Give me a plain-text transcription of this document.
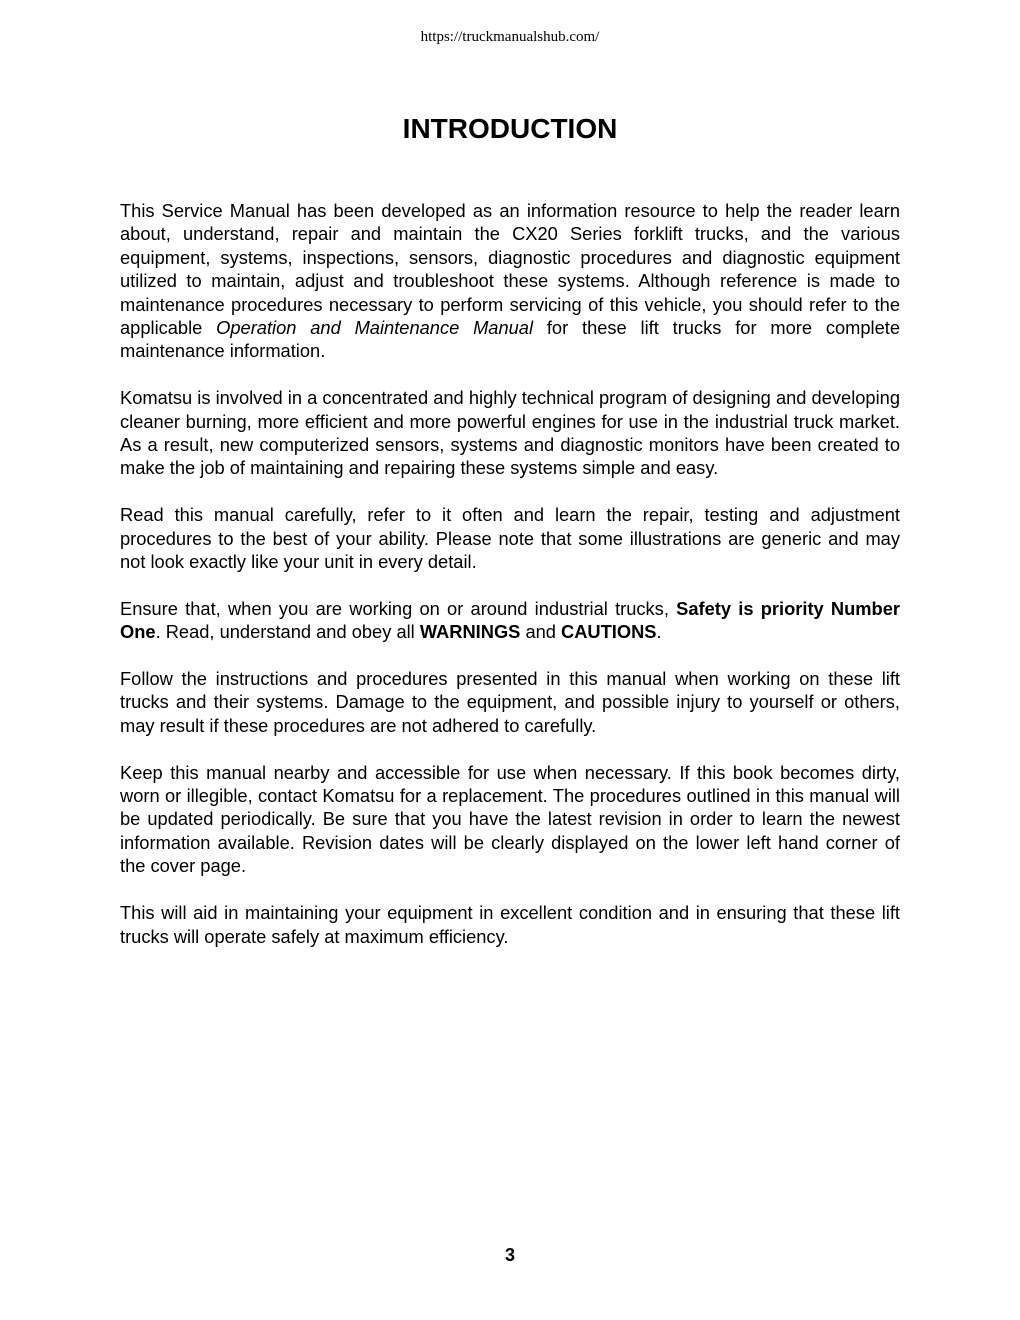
https://truckmanualshub.com/
INTRODUCTION

This Service Manual has been developed as an information resource to help the reader learn about, understand, repair and maintain the CX20 Series forklift trucks, and the various equipment, systems, inspections, sensors, diagnostic procedures and diagnostic equipment utilized to maintain, adjust and troubleshoot these systems. Although reference is made to maintenance procedures necessary to perform servicing of this vehicle, you should refer to the applicable Operation and Maintenance Manual for these lift trucks for more complete maintenance information.

Komatsu is involved in a concentrated and highly technical program of designing and developing cleaner burning, more efficient and more powerful engines for use in the industrial truck market. As a result, new computerized sensors, systems and diagnostic monitors have been created to make the job of maintaining and repairing these systems simple and easy.

Read this manual carefully, refer to it often and learn the repair, testing and adjustment procedures to the best of your ability. Please note that some illustrations are generic and may not look exactly like your unit in every detail.

Ensure that, when you are working on or around industrial trucks, Safety is priority Number One. Read, understand and obey all WARNINGS and CAUTIONS.

Follow the instructions and procedures presented in this manual when working on these lift trucks and their systems. Damage to the equipment, and possible injury to yourself or others, may result if these procedures are not adhered to carefully.

Keep this manual nearby and accessible for use when necessary. If this book becomes dirty, worn or illegible, contact Komatsu for a replacement. The procedures outlined in this manual will be updated periodically. Be sure that you have the latest revision in order to learn the newest information available. Revision dates will be clearly displayed on the lower left hand corner of the cover page.

This will aid in maintaining your equipment in excellent condition and in ensuring that these lift trucks will operate safely at maximum efficiency.

3
